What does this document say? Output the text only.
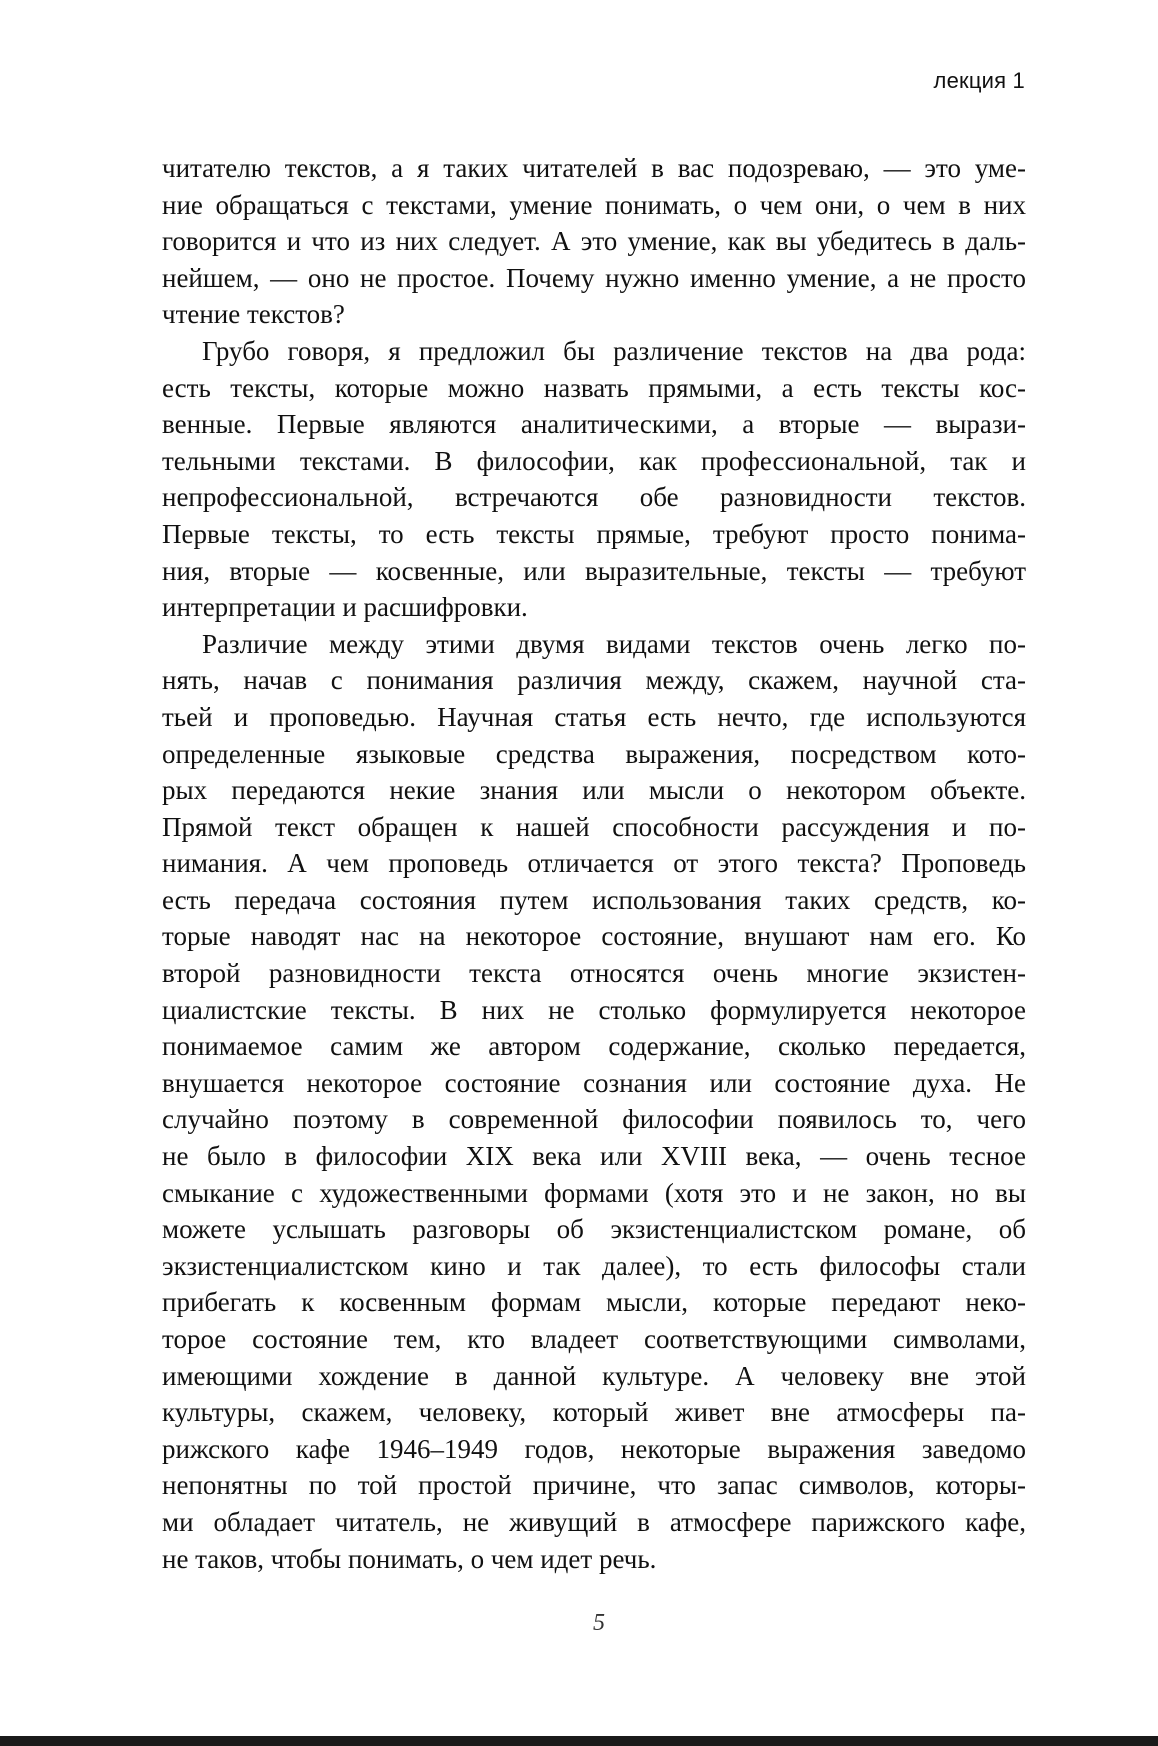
лекция 1

читателю текстов, а я таких читателей в вас подозреваю, — это уме-
ние обращаться с текстами, умение понимать, о чем они, о чем в них
говорится и что из них следует. А это умение, как вы убедитесь в даль-
нейшем, — оно не простое. Почему нужно именно умение, а не просто
чтение текстов?

Грубо говоря, я предложил бы различение текстов на два рода:
есть тексты, которые можно назвать прямыми, а есть тексты кос-
венные. Первые являются аналитическими, а вторые — вырази-
тельными текстами. В философии, как профессиональной, так и
непрофессиональной, встречаются обе разновидности текстов.
Первые тексты, то есть тексты прямые, требуют просто понима-
ния, вторые — косвенные, или выразительные, тексты — требуют
интерпретации и расшифровки.

Различие между этими двумя видами текстов очень легко по-
нять, начав с понимания различия между, скажем, научной ста-
тьей и проповедью. Научная статья есть нечто, где используются
определенные языковые средства выражения, посредством кото-
рых передаются некие знания или мысли о некотором объекте.
Прямой текст обращен к нашей способности рассуждения и по-
нимания. А чем проповедь отличается от этого текста? Проповедь
есть передача состояния путем использования таких средств, ко-
торые наводят нас на некоторое состояние, внушают нам его. Ко
второй разновидности текста относятся очень многие экзистен-
циалистские тексты. В них не столько формулируется некоторое
понимаемое самим же автором содержание, сколько передается,
внушается некоторое состояние сознания или состояние духа. Не
случайно поэтому в современной философии появилось то, чего
не было в философии XIX века или XVIII века, — очень тесное
смыкание с художественными формами (хотя это и не закон, но вы
можете услышать разговоры об экзистенциалистском романе, об
экзистенциалистском кино и так далее), то есть философы стали
прибегать к косвенным формам мысли, которые передают неко-
торое состояние тем, кто владеет соответствующими символами,
имеющими хождение в данной культуре. А человеку вне этой
культуры, скажем, человеку, который живет вне атмосферы па-
рижского кафе 1946–1949 годов, некоторые выражения заведомо
непонятны по той простой причине, что запас символов, которы-
ми обладает читатель, не живущий в атмосфере парижского кафе,
не таков, чтобы понимать, о чем идет речь.

5
